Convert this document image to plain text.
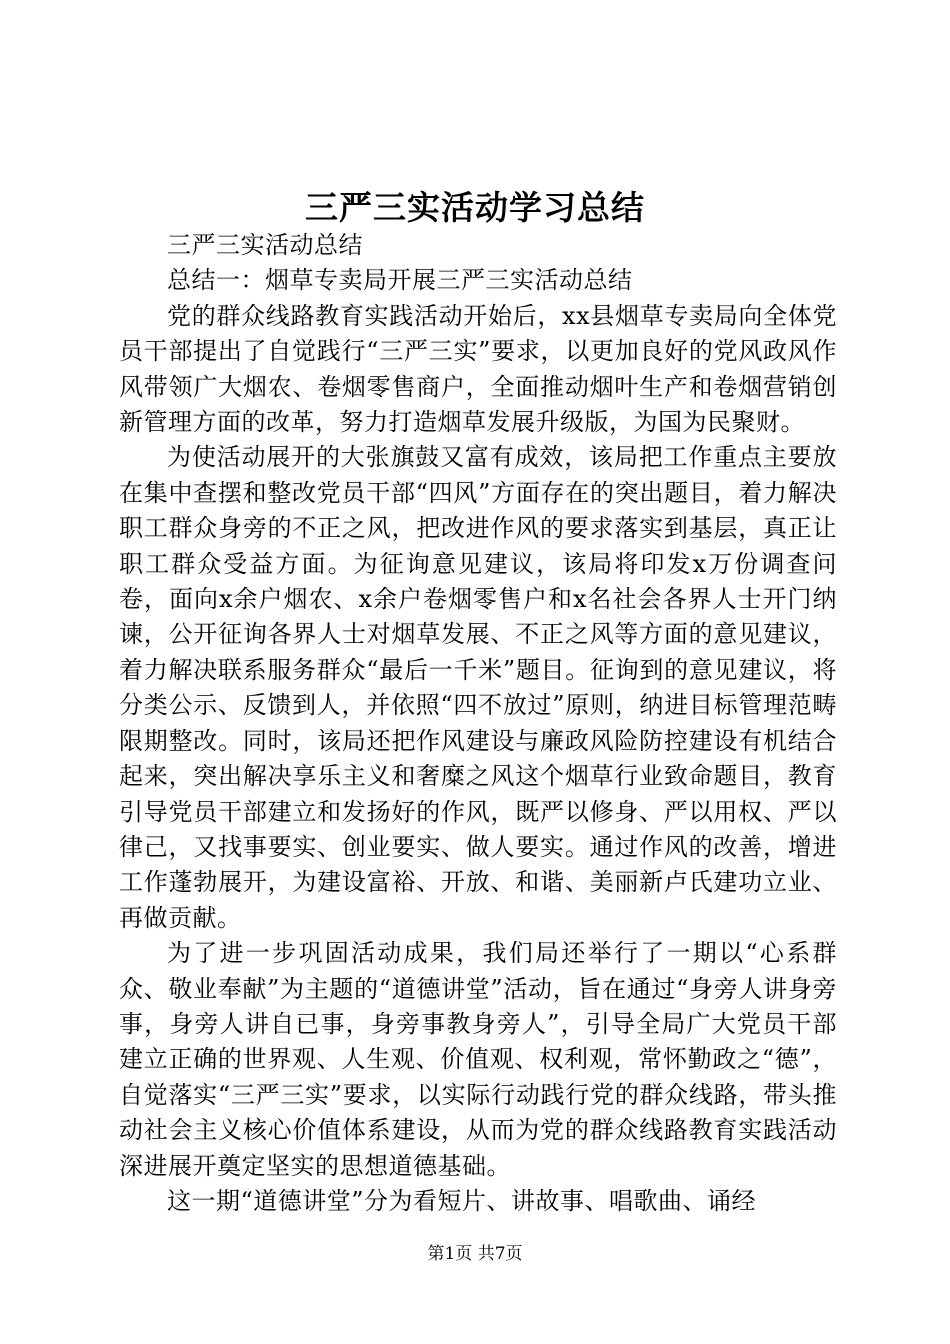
三严三实活动学习总结

三严三实活动总结

总结一：烟草专卖局开展三严三实活动总结

党的群众线路教育实践活动开始后，xx县烟草专卖局向全体党员干部提出了自觉践行“三严三实”要求，以更加良好的党风政风作风带领广大烟农、卷烟零售商户，全面推动烟叶生产和卷烟营销创新管理方面的改革，努力打造烟草发展升级版，为国为民聚财。

为使活动展开的大张旗鼓又富有成效，该局把工作重点主要放在集中查摆和整改党员干部“四风”方面存在的突出题目，着力解决职工群众身旁的不正之风，把改进作风的要求落实到基层，真正让职工群众受益方面。为征询意见建议，该局将印发x万份调查问卷，面向x余户烟农、x余户卷烟零售户和x名社会各界人士开门纳谏，公开征询各界人士对烟草发展、不正之风等方面的意见建议，着力解决联系服务群众“最后一千米”题目。征询到的意见建议，将分类公示、反馈到人，并依照“四不放过”原则，纳进目标管理范畴限期整改。同时，该局还把作风建设与廉政风险防控建设有机结合起来，突出解决享乐主义和奢糜之风这个烟草行业致命题目，教育引导党员干部建立和发扬好的作风，既严以修身、严以用权、严以律己，又找事要实、创业要实、做人要实。通过作风的改善，增进工作蓬勃展开，为建设富裕、开放、和谐、美丽新卢氏建功立业、再做贡献。

为了进一步巩固活动成果，我们局还举行了一期以“心系群众、敬业奉献”为主题的“道德讲堂”活动，旨在通过“身旁人讲身旁事，身旁人讲自已事，身旁事教身旁人”，引导全局广大党员干部建立正确的世界观、人生观、价值观、权利观，常怀勤政之“德”，自觉落实“三严三实”要求，以实际行动践行党的群众线路，带头推动社会主义核心价值体系建设，从而为党的群众线路教育实践活动深进展开奠定坚实的思想道德基础。

这一期“道德讲堂”分为看短片、讲故事、唱歌曲、诵经

第1页 共7页
